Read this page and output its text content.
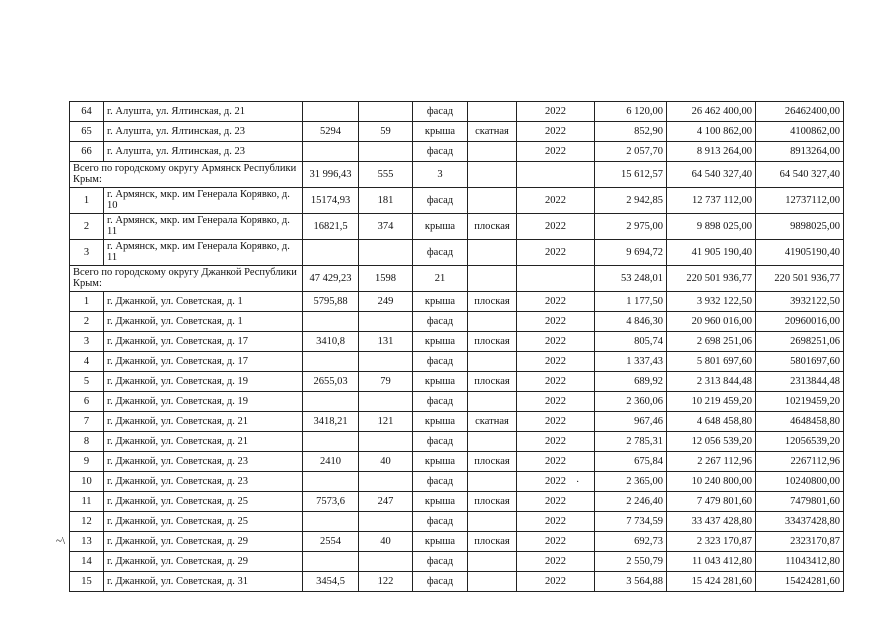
~\
·
64	г. Алушта, ул. Ялтинская, д. 21			фасад		2022	6 120,00	26 462 400,00	26462400,00
65	г. Алушта, ул. Ялтинская, д. 23	5294	59	крыша	скатная	2022	852,90	4 100 862,00	4100862,00
66	г. Алушта, ул. Ялтинская, д. 23			фасад		2022	2 057,70	8 913 264,00	8913264,00
Всего по городскому округу Армянск Республики Крым:		31 996,43	555	3			15 612,57	64 540 327,40	64 540 327,40
1	г. Армянск, мкр. им Генерала Корявко, д. 10	15174,93	181	фасад		2022	2 942,85	12 737 112,00	12737112,00
2	г. Армянск, мкр. им Генерала Корявко, д. 11	16821,5	374	крыша	плоская	2022	2 975,00	9 898 025,00	9898025,00
3	г. Армянск, мкр. им Генерала Корявко, д. 11			фасад		2022	9 694,72	41 905 190,40	41905190,40
Всего по городскому округу Джанкой Республики Крым:		47 429,23	1598	21			53 248,01	220 501 936,77	220 501 936,77
1	г. Джанкой, ул. Советская, д. 1	5795,88	249	крыша	плоская	2022	1 177,50	3 932 122,50	3932122,50
2	г. Джанкой, ул. Советская, д. 1			фасад		2022	4 846,30	20 960 016,00	20960016,00
3	г. Джанкой, ул. Советская, д. 17	3410,8	131	крыша	плоская	2022	805,74	2 698 251,06	2698251,06
4	г. Джанкой, ул. Советская, д. 17			фасад		2022	1 337,43	5 801 697,60	5801697,60
5	г. Джанкой, ул. Советская, д. 19	2655,03	79	крыша	плоская	2022	689,92	2 313 844,48	2313844,48
6	г. Джанкой, ул. Советская, д. 19			фасад		2022	2 360,06	10 219 459,20	10219459,20
7	г. Джанкой, ул. Советская, д. 21	3418,21	121	крыша	скатная	2022	967,46	4 648 458,80	4648458,80
8	г. Джанкой, ул. Советская, д. 21			фасад		2022	2 785,31	12 056 539,20	12056539,20
9	г. Джанкой, ул. Советская, д. 23	2410	40	крыша	плоская	2022	675,84	2 267 112,96	2267112,96
10	г. Джанкой, ул. Советская, д. 23			фасад		2022	2 365,00	10 240 800,00	10240800,00
11	г. Джанкой, ул. Советская, д. 25	7573,6	247	крыша	плоская	2022	2 246,40	7 479 801,60	7479801,60
12	г. Джанкой, ул. Советская, д. 25			фасад		2022	7 734,59	33 437 428,80	33437428,80
13	г. Джанкой, ул. Советская, д. 29	2554	40	крыша	плоская	2022	692,73	2 323 170,87	2323170,87
14	г. Джанкой, ул. Советская, д. 29			фасад		2022	2 550,79	11 043 412,80	11043412,80
15	г. Джанкой, ул. Советская, д. 31	3454,5	122	фасад		2022	3 564,88	15 424 281,60	15424281,60
